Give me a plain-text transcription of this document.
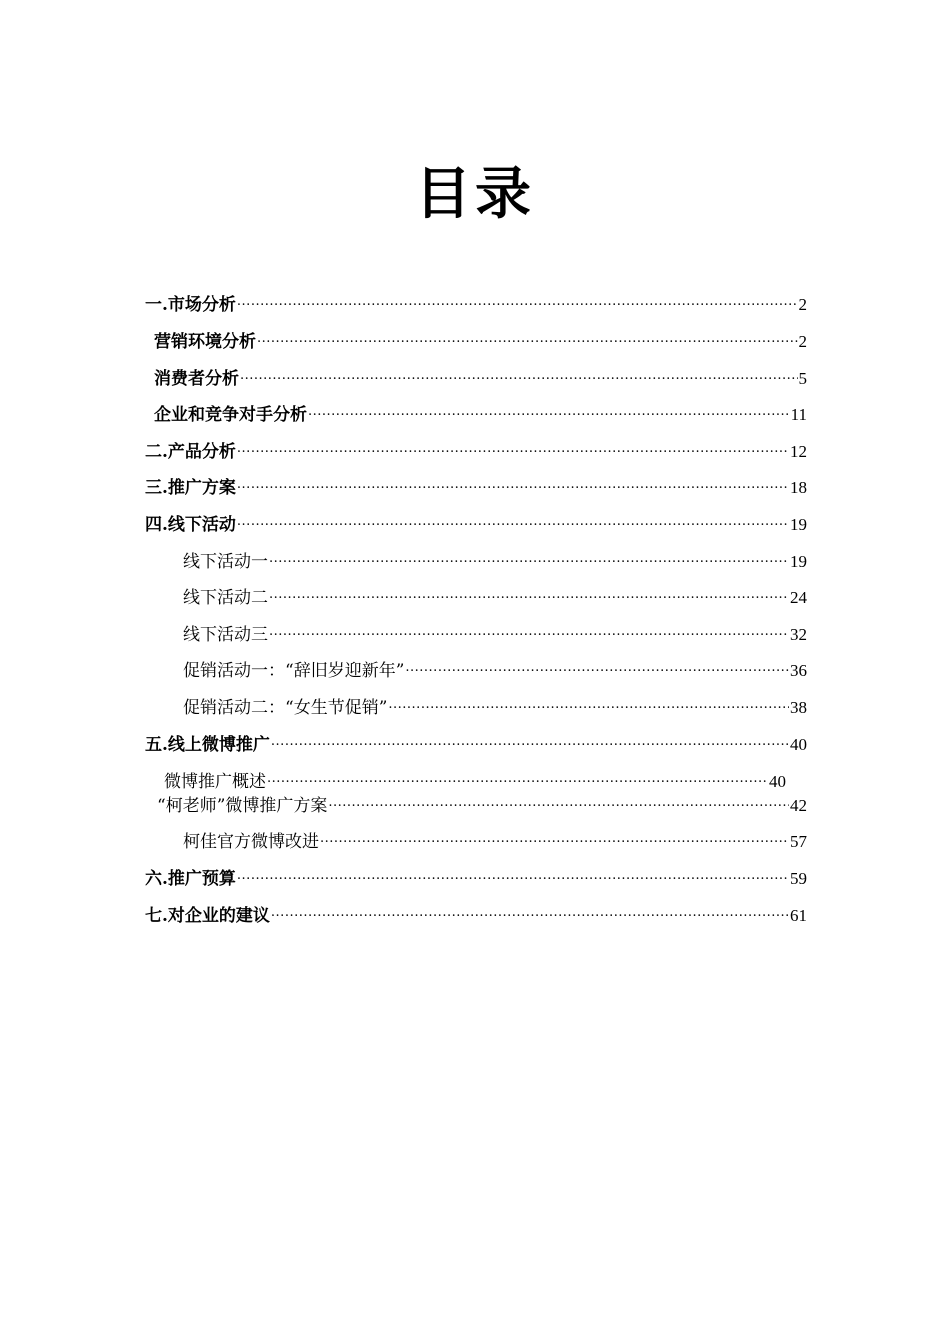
目录
一.市场分析 .....	2
营销环境分析 .....	2
消费者分析 .....	5
企业和竞争对手分析 .....	11
二.产品分析 .....	12
三.推广方案 .....	18
四.线下活动 .....	19
线下活动一 .....	19
线下活动二 .....	24
线下活动三 .....	32
促销活动一：“辞旧岁迎新年” .....	36
促销活动二：“女生节促销” .....	38
五.线上微博推广 .....	40
微博推广概述 .....	40
“柯老师”微博推广方案 .....	42
柯佳官方微博改进 .....	57
六.推广预算 .....	59
七.对企业的建议 .....	61
